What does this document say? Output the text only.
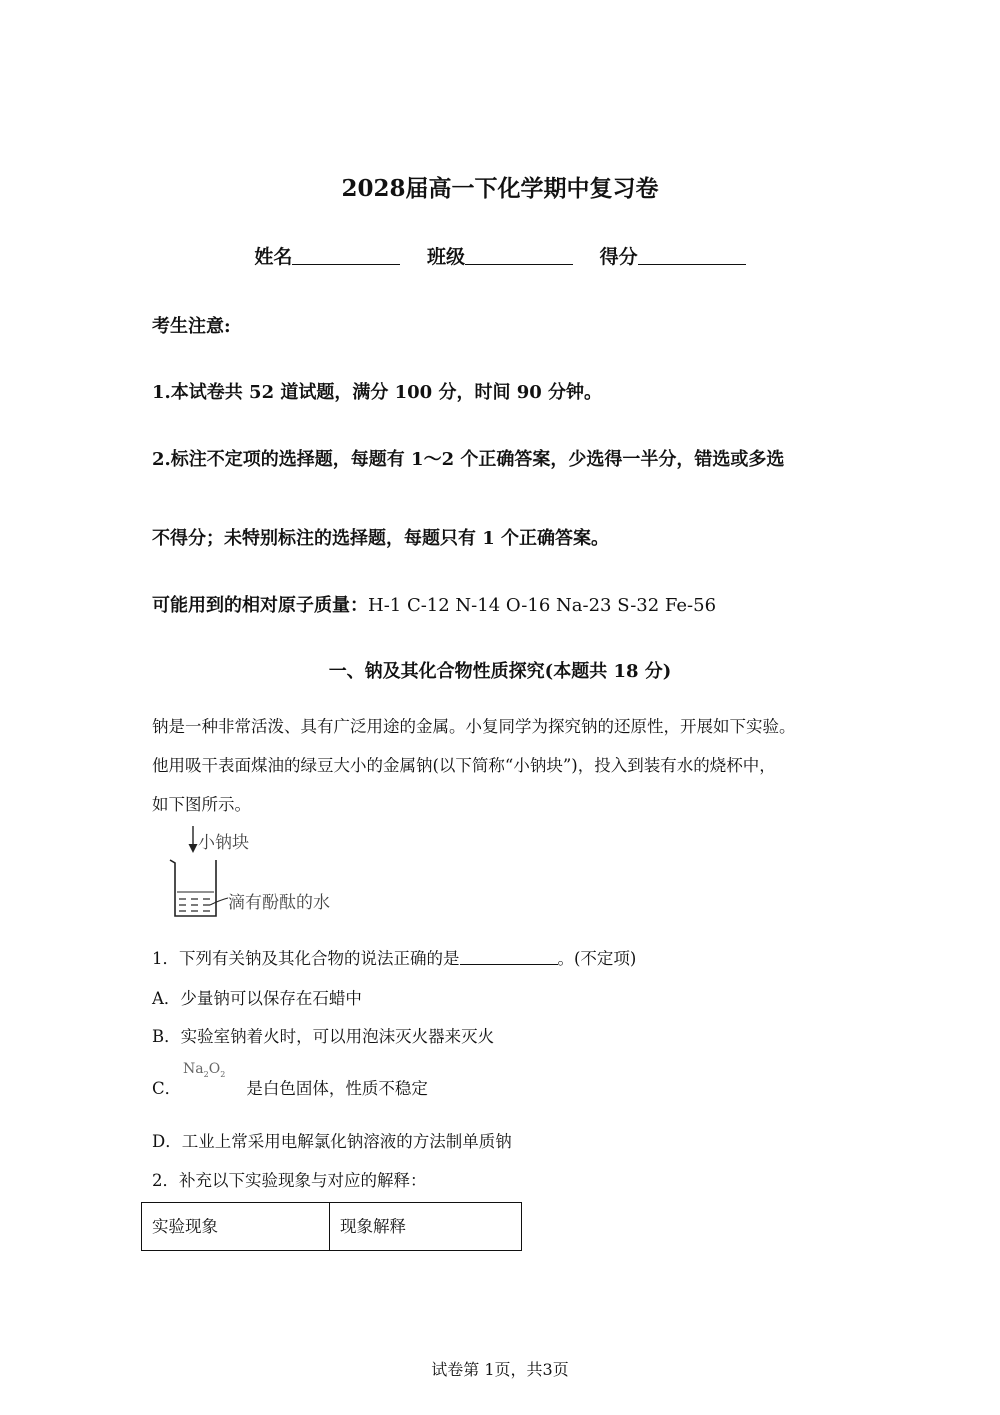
2028届高一下化学期中复习卷
姓名	班级	得分
考生注意:
1.本试卷共 52 道试题，满分 100 分，时间 90 分钟。
2.标注不定项的选择题，每题有 1～2 个正确答案，少选得一半分，错选或多选
不得分；未特别标注的选择题，每题只有 1 个正确答案。
可能用到的相对原子质量：H-1 C-12 N-14 O-16 Na-23 S-32 Fe-56
一、钠及其化合物性质探究(本题共 18 分)
钠是一种非常活泼、具有广泛用途的金属。小复同学为探究钠的还原性，开展如下实验。
他用吸干表面煤油的绿豆大小的金属钠(以下简称“小钠块”)，投入到装有水的烧杯中，
如下图所示。
小钠块
滴有酚酞的水
1．下列有关钠及其化合物的说法正确的是	。(不定项)
A．少量钠可以保存在石蜡中
B．实验室钠着火时，可以用泡沫灭火器来灭火
C．	是白色固体，性质不稳定
$Na_2O_2$
D．工业上常采用电解氯化钠溶液的方法制单质钠
2．补充以下实验现象与对应的解释：
实验现象	现象解释
试卷第 1页，共3页
